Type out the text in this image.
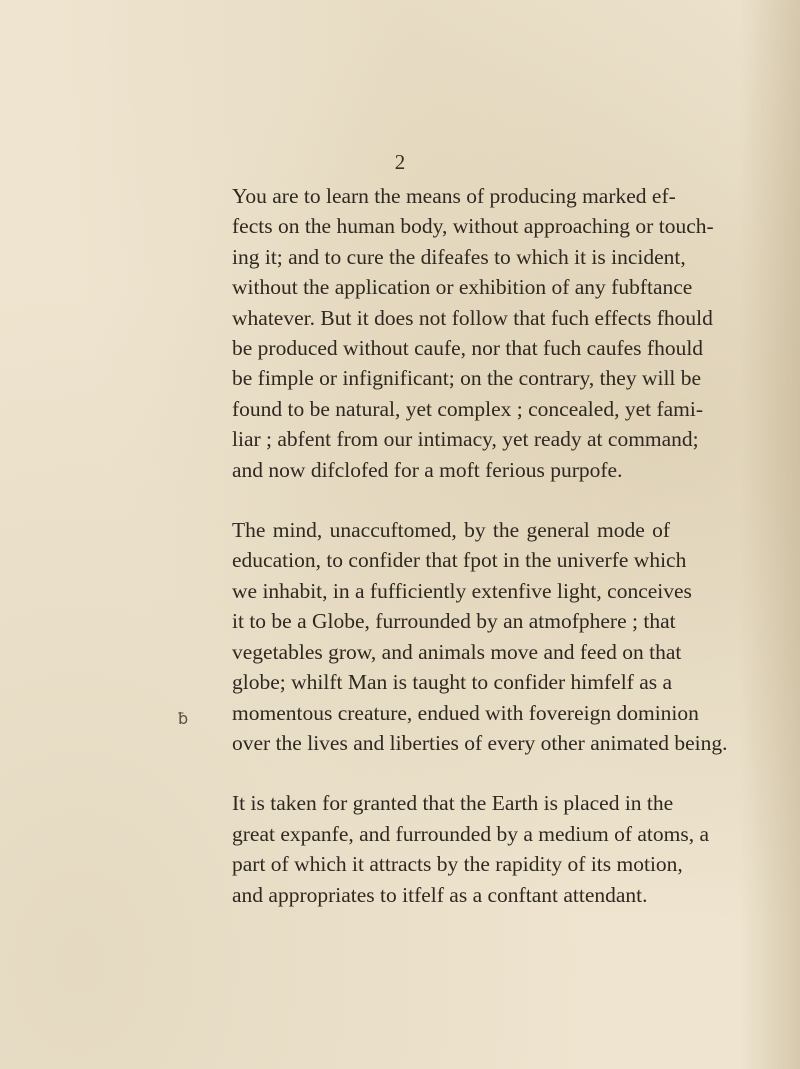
2

You are to learn the means of producing marked ef-
fects on the human body, without approaching or touch-
ing it; and to cure the difeafes to which it is incident,
without the application or exhibition of any fubftance
whatever. But it does not follow that fuch effects fhould
be produced without caufe, nor that fuch caufes fhould
be fimple or infignificant; on the contrary, they will be
found to be natural, yet complex ; concealed, yet fami-
liar ; abfent from our intimacy, yet ready at command;
and now difclofed for a moft ferious purpofe.

The mind, unaccuftomed, by the general mode of
education, to confider that fpot in the univerfe which
we inhabit, in a fufficiently extenfive light, conceives
it to be a Globe, furrounded by an atmofphere ; that
vegetables grow, and animals move and feed on that
globe; whilft Man is taught to confider himfelf as a
momentous creature, endued with fovereign dominion
over the lives and liberties of every other animated being.

It is taken for granted that the Earth is placed in the
great expanfe, and furrounded by a medium of atoms, a
part of which it attracts by the rapidity of its motion,
and appropriates to itfelf as a conftant attendant.

ƀ
